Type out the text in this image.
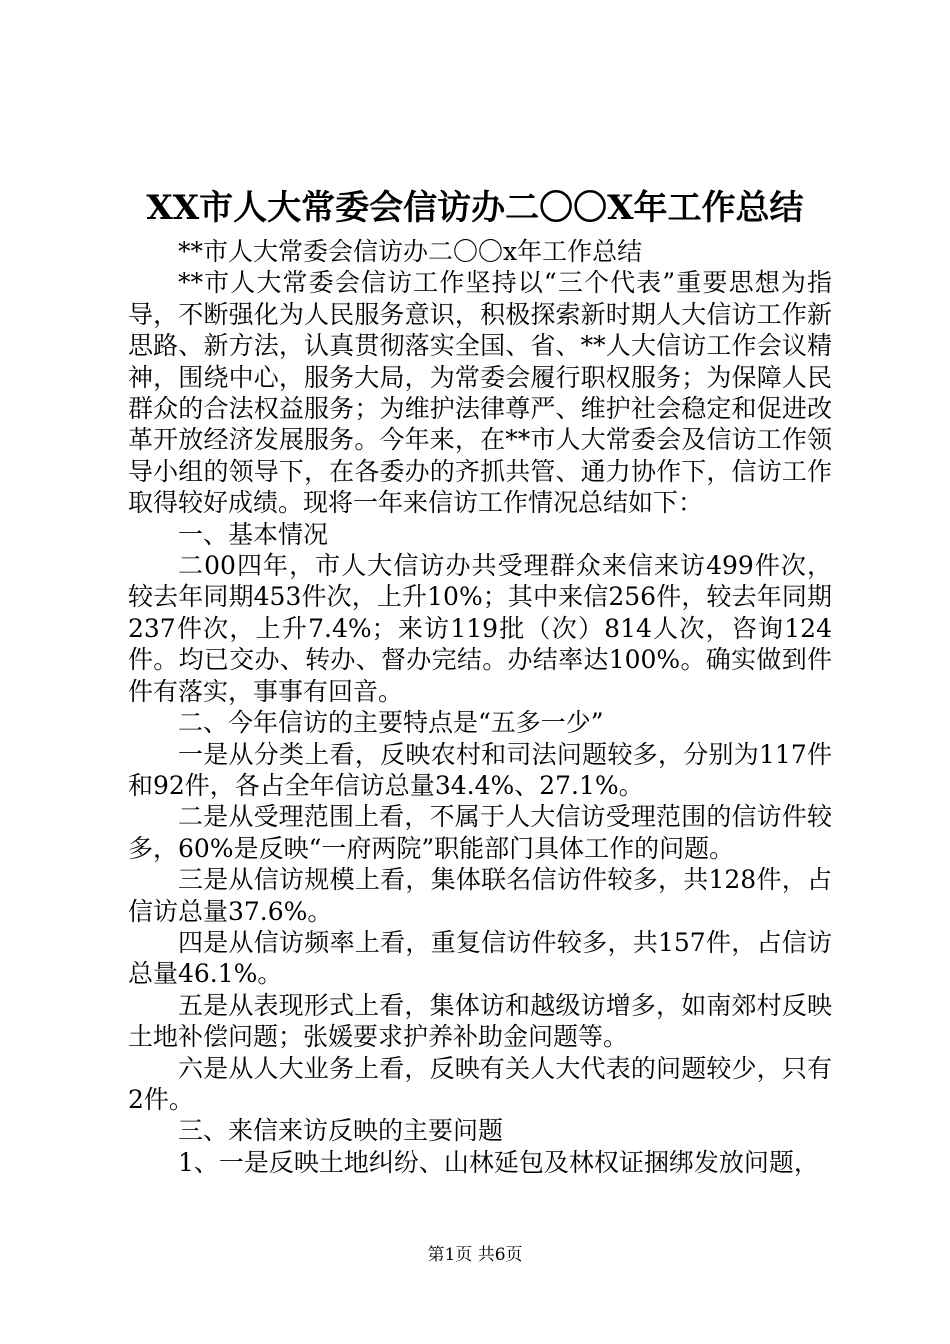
XX市人大常委会信访办二〇〇X年工作总结

**市人大常委会信访办二〇〇x年工作总结

**市人大常委会信访工作坚持以“三个代表”重要思想为指导，不断强化为人民服务意识，积极探索新时期人大信访工作新思路、新方法，认真贯彻落实全国、省、**人大信访工作会议精神，围绕中心，服务大局，为常委会履行职权服务；为保障人民群众的合法权益服务；为维护法律尊严、维护社会稳定和促进改革开放经济发展服务。今年来，在**市人大常委会及信访工作领导小组的领导下，在各委办的齐抓共管、通力协作下，信访工作取得较好成绩。现将一年来信访工作情况总结如下：

一、基本情况

二00四年，市人大信访办共受理群众来信来访499件次，较去年同期453件次，上升10%；其中来信256件，较去年同期237件次，上升7.4%；来访119批（次）814人次，咨询124件。均已交办、转办、督办完结。办结率达100%。确实做到件件有落实，事事有回音。

二、今年信访的主要特点是“五多一少”

一是从分类上看，反映农村和司法问题较多，分别为117件和92件，各占全年信访总量34.4%、27.1%。

二是从受理范围上看，不属于人大信访受理范围的信访件较多，60%是反映“一府两院”职能部门具体工作的问题。

三是从信访规模上看，集体联名信访件较多，共128件，占信访总量37.6%。

四是从信访频率上看，重复信访件较多，共157件，占信访总量46.1%。

五是从表现形式上看，集体访和越级访增多，如南郊村反映土地补偿问题；张媛要求护养补助金问题等。

六是从人大业务上看，反映有关人大代表的问题较少，只有2件。

三、来信来访反映的主要问题

1、一是反映土地纠纷、山林延包及林权证捆绑发放问题，

第1页 共6页
